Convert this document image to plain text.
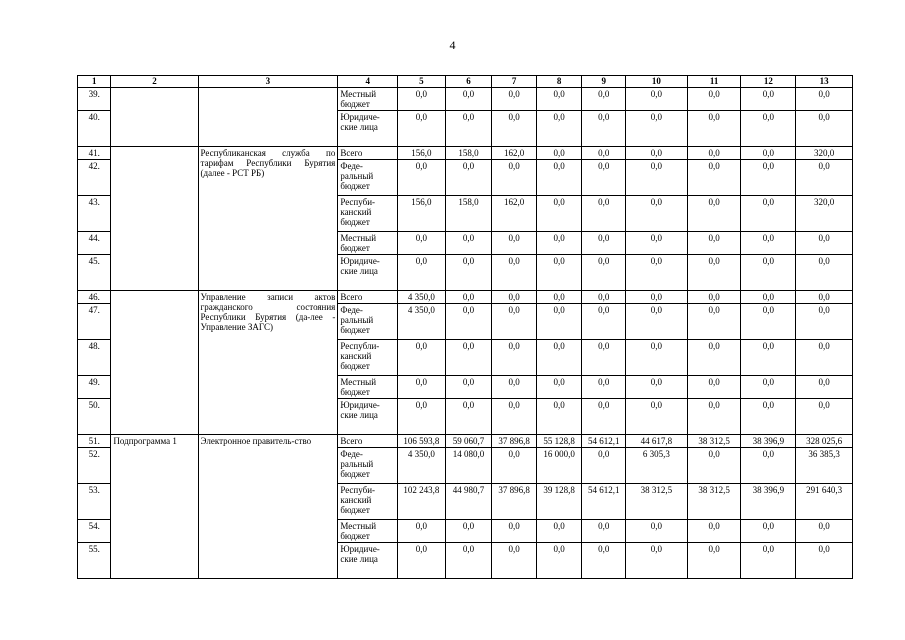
4
1	2	3	4	5	6	7	8	9	10	11	12	13
39.			Местный бюджет	0,0	0,0	0,0	0,0	0,0	0,0	0,0	0,0	0,0
40.			Юридиче-ские лица	0,0	0,0	0,0	0,0	0,0	0,0	0,0	0,0	0,0
41.		Республиканская служба по тарифам Республики Бурятия (далее - РСТ РБ)	Всего	156,0	158,0	162,0	0,0	0,0	0,0	0,0	0,0	320,0
42.			Феде-ральный бюджет	0,0	0,0	0,0	0,0	0,0	0,0	0,0	0,0	0,0
43.			Респуби-канский бюджет	156,0	158,0	162,0	0,0	0,0	0,0	0,0	0,0	320,0
44.			Местный бюджет	0,0	0,0	0,0	0,0	0,0	0,0	0,0	0,0	0,0
45.			Юридиче-ские лица	0,0	0,0	0,0	0,0	0,0	0,0	0,0	0,0	0,0
46.		Управление записи актов гражданского состояния Республики Бурятия (да-лее - Управление ЗАГС)	Всего	4 350,0	0,0	0,0	0,0	0,0	0,0	0,0	0,0	0,0
47.			Феде-ральный бюджет	4 350,0	0,0	0,0	0,0	0,0	0,0	0,0	0,0	0,0
48.			Республи-канский бюджет	0,0	0,0	0,0	0,0	0,0	0,0	0,0	0,0	0,0
49.			Местный бюджет	0,0	0,0	0,0	0,0	0,0	0,0	0,0	0,0	0,0
50.			Юридиче-ские лица	0,0	0,0	0,0	0,0	0,0	0,0	0,0	0,0	0,0
51.	Подпрограмма 1	Электронное правитель-ство	Всего	106 593,8	59 060,7	37 896,8	55 128,8	54 612,1	44 617,8	38 312,5	38 396,9	328 025,6
52.			Феде-ральный бюджет	4 350,0	14 080,0	0,0	16 000,0	0,0	6 305,3	0,0	0,0	36 385,3
53.			Респуби-канский бюджет	102 243,8	44 980,7	37 896,8	39 128,8	54 612,1	38 312,5	38 312,5	38 396,9	291 640,3
54.			Местный бюджет	0,0	0,0	0,0	0,0	0,0	0,0	0,0	0,0	0,0
55.			Юридиче-ские лица	0,0	0,0	0,0	0,0	0,0	0,0	0,0	0,0	0,0
